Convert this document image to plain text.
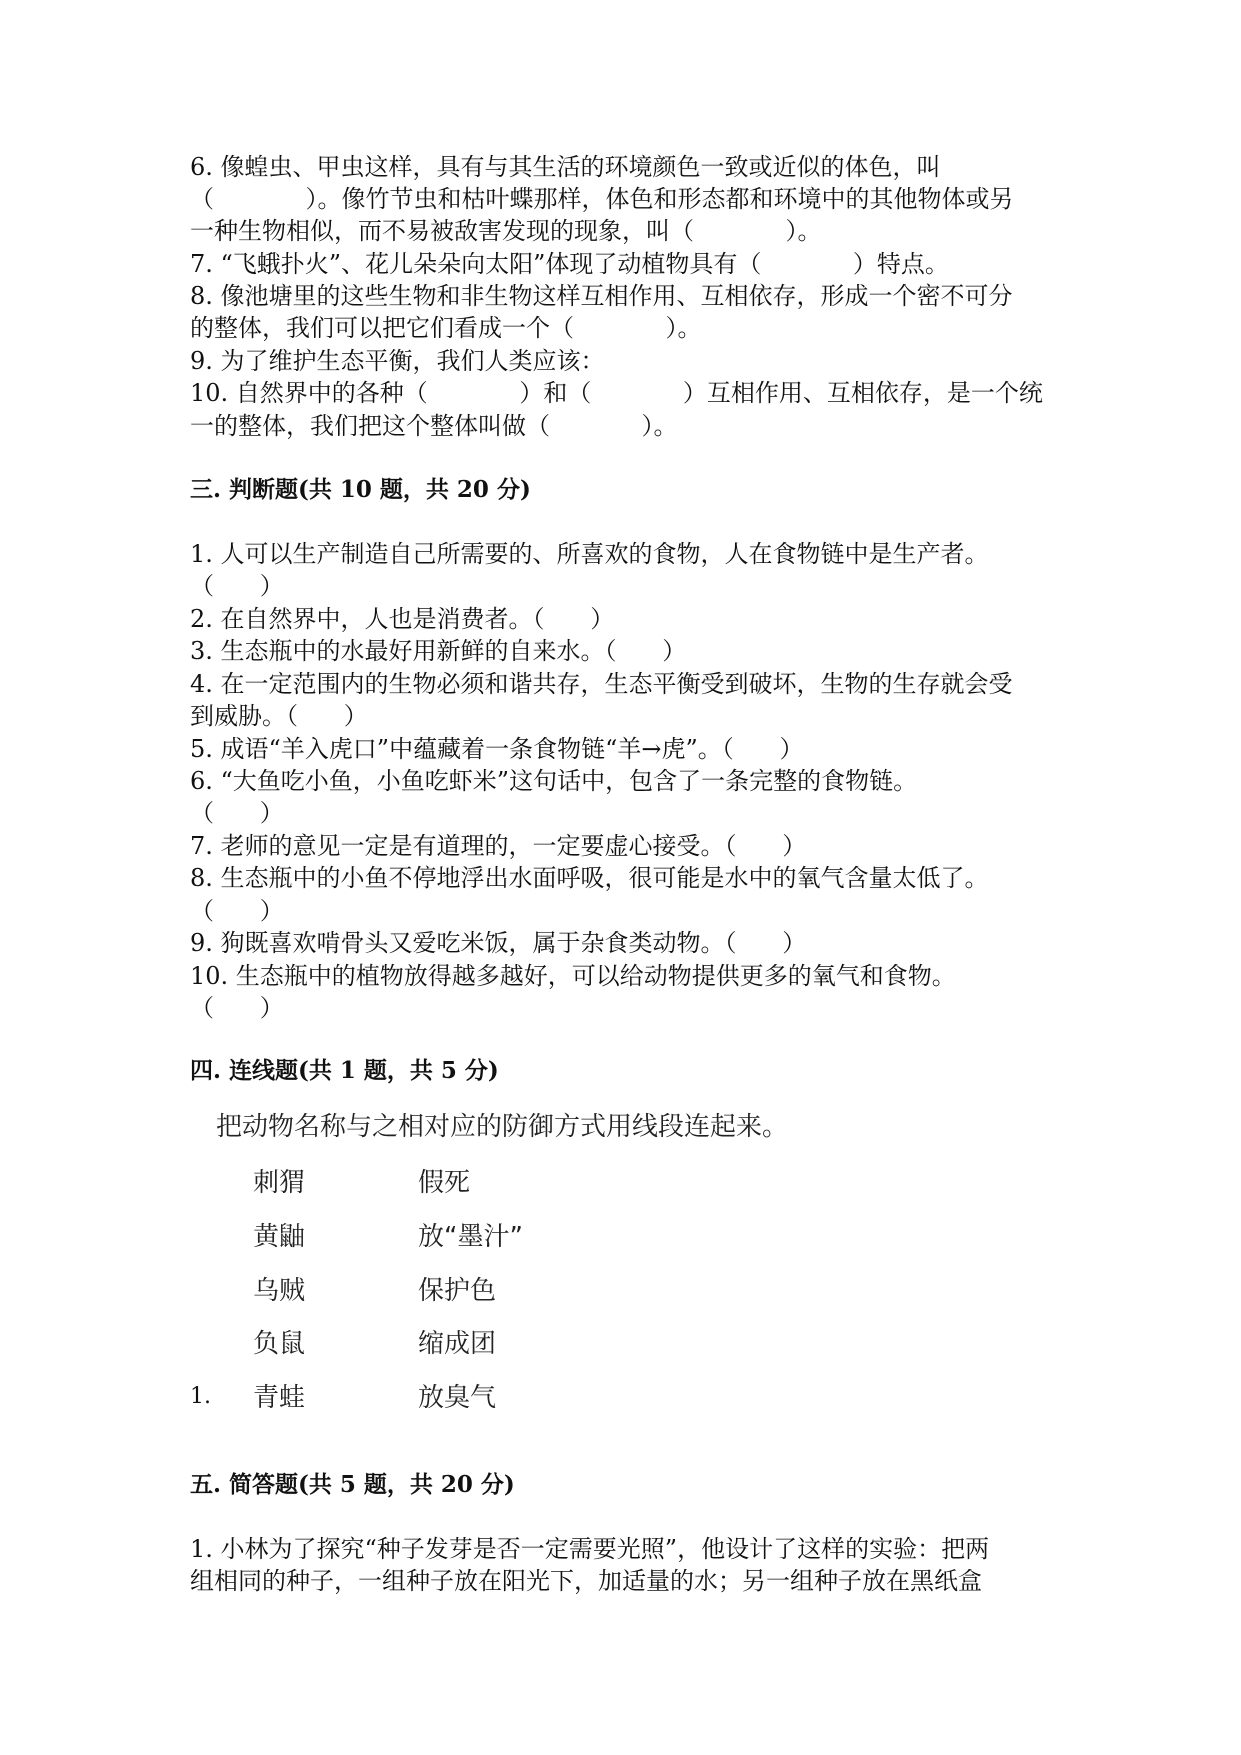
6. 像蝗虫、甲虫这样，具有与其生活的环境颜色一致或近似的体色，叫
（            ）。像竹节虫和枯叶蝶那样，体色和形态都和环境中的其他物体或另
一种生物相似，而不易被敌害发现的现象，叫（            ）。
7. “飞蛾扑火”、花儿朵朵向太阳”体现了动植物具有（            ）特点。
8. 像池塘里的这些生物和非生物这样互相作用、互相依存，形成一个密不可分
的整体，我们可以把它们看成一个（            ）。
9. 为了维护生态平衡，我们人类应该：
10. 自然界中的各种（            ）和（            ）互相作用、互相依存，是一个统
一的整体，我们把这个整体叫做（            ）。
三. 判断题(共 10 题，共 20 分)
1. 人可以生产制造自己所需要的、所喜欢的食物，人在食物链中是生产者。
（      ）
2. 在自然界中，人也是消费者。（      ）
3. 生态瓶中的水最好用新鲜的自来水。（      ）
4. 在一定范围内的生物必须和谐共存，生态平衡受到破坏，生物的生存就会受
到威胁。（      ）
5. 成语“羊入虎口”中蕴藏着一条食物链“羊→虎”。（      ）
6. “大鱼吃小鱼，小鱼吃虾米”这句话中，包含了一条完整的食物链。
（      ）
7. 老师的意见一定是有道理的，一定要虚心接受。（      ）
8. 生态瓶中的小鱼不停地浮出水面呼吸，很可能是水中的氧气含量太低了。
（      ）
9. 狗既喜欢啃骨头又爱吃米饭，属于杂食类动物。（      ）
10. 生态瓶中的植物放得越多越好，可以给动物提供更多的氧气和食物。
（      ）
四. 连线题(共 1 题，共 5 分)
把动物名称与之相对应的防御方式用线段连起来。
刺猬
黄鼬
乌贼
负鼠
青蛙
假死
放“墨汁”
保护色
缩成团
放臭气
1.
五. 简答题(共 5 题，共 20 分)
1. 小林为了探究“种子发芽是否一定需要光照”，他设计了这样的实验：把两
组相同的种子，一组种子放在阳光下，加适量的水；另一组种子放在黑纸盒
